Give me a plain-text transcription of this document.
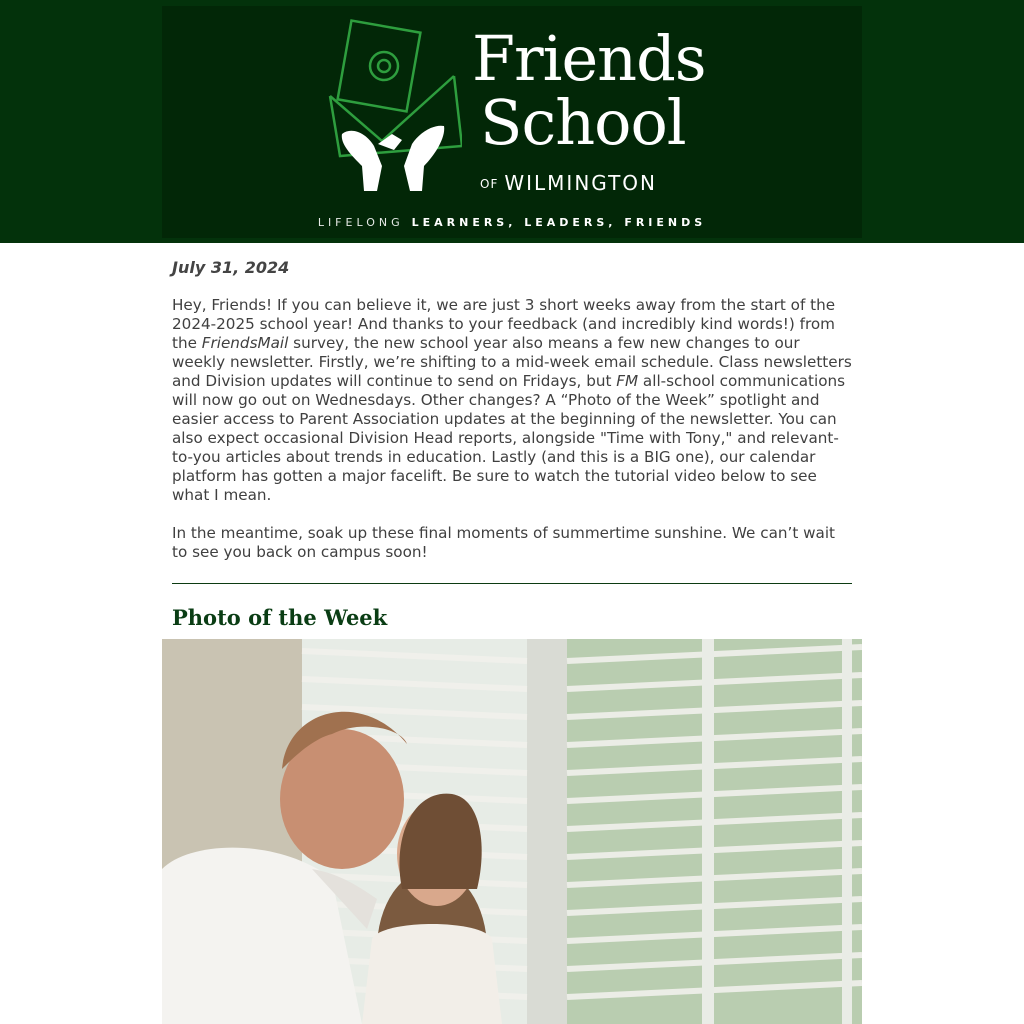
Friends
School
OF WILMINGTON
LIFELONG LEARNERS, LEADERS, FRIENDS

July 31, 2024

Hey, Friends! If you can believe it, we are just 3 short weeks away from the start of the 2024-2025 school year! And thanks to your feedback (and incredibly kind words!) from the FriendsMail survey, the new school year also means a few new changes to our weekly newsletter. Firstly, we’re shifting to a mid-week email schedule. Class newsletters and Division updates will continue to send on Fridays, but FM all-school communications will now go out on Wednesdays. Other changes? A “Photo of the Week” spotlight and easier access to Parent Association updates at the beginning of the newsletter. You can also expect occasional Division Head reports, alongside "Time with Tony," and relevant-to-you articles about trends in education. Lastly (and this is a BIG one), our calendar platform has gotten a major facelift. Be sure to watch the tutorial video below to see what I mean.

In the meantime, soak up these final moments of summertime sunshine. We can’t wait to see you back on campus soon!

Photo of the Week
